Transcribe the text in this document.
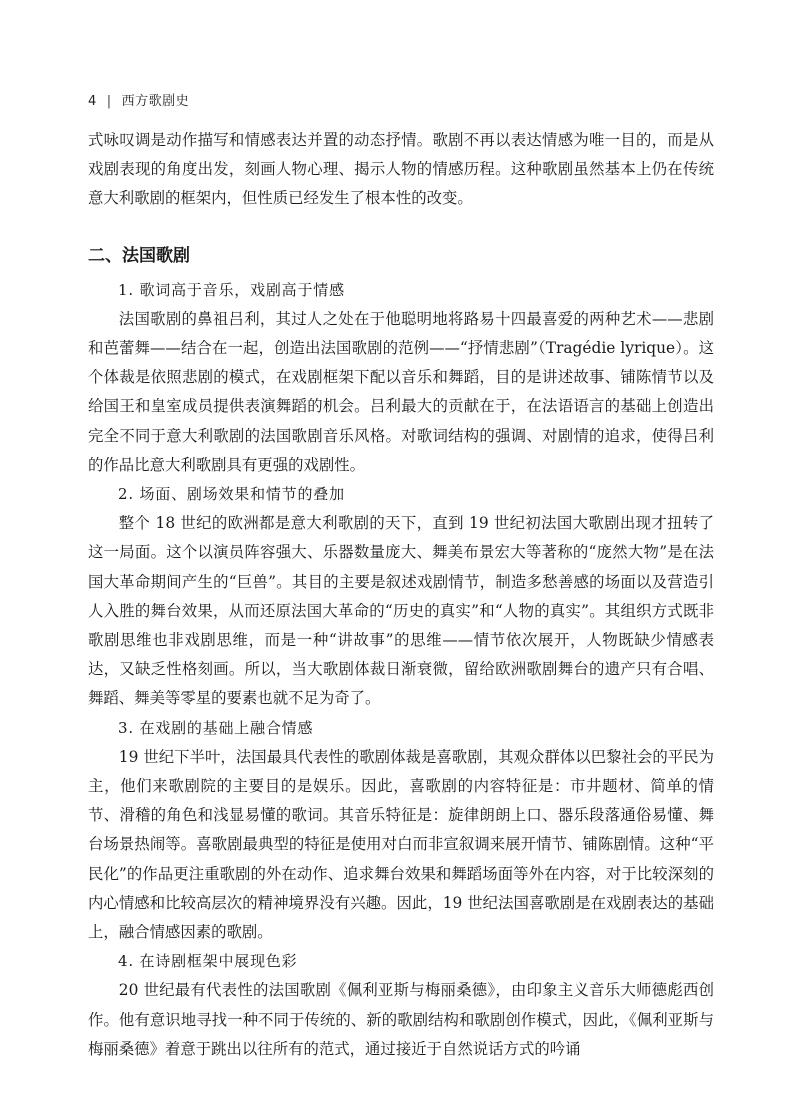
4 | 西方歌剧史

式咏叹调是动作描写和情感表达并置的动态抒情。歌剧不再以表达情感为唯一目的，而是从戏剧表现的角度出发，刻画人物心理、揭示人物的情感历程。这种歌剧虽然基本上仍在传统意大利歌剧的框架内，但性质已经发生了根本性的改变。

二、法国歌剧

1. 歌词高于音乐，戏剧高于情感

法国歌剧的鼻祖吕利，其过人之处在于他聪明地将路易十四最喜爱的两种艺术——悲剧和芭蕾舞——结合在一起，创造出法国歌剧的范例——“抒情悲剧”（Tragédie lyrique）。这个体裁是依照悲剧的模式，在戏剧框架下配以音乐和舞蹈，目的是讲述故事、铺陈情节以及给国王和皇室成员提供表演舞蹈的机会。吕利最大的贡献在于，在法语语言的基础上创造出完全不同于意大利歌剧的法国歌剧音乐风格。对歌词结构的强调、对剧情的追求，使得吕利的作品比意大利歌剧具有更强的戏剧性。

2. 场面、剧场效果和情节的叠加

整个 18 世纪的欧洲都是意大利歌剧的天下，直到 19 世纪初法国大歌剧出现才扭转了这一局面。这个以演员阵容强大、乐器数量庞大、舞美布景宏大等著称的“庞然大物”是在法国大革命期间产生的“巨兽”。其目的主要是叙述戏剧情节，制造多愁善感的场面以及营造引人入胜的舞台效果，从而还原法国大革命的“历史的真实”和“人物的真实”。其组织方式既非歌剧思维也非戏剧思维，而是一种“讲故事”的思维——情节依次展开，人物既缺少情感表达，又缺乏性格刻画。所以，当大歌剧体裁日渐衰微，留给欧洲歌剧舞台的遗产只有合唱、舞蹈、舞美等零星的要素也就不足为奇了。

3. 在戏剧的基础上融合情感

19 世纪下半叶，法国最具代表性的歌剧体裁是喜歌剧，其观众群体以巴黎社会的平民为主，他们来歌剧院的主要目的是娱乐。因此，喜歌剧的内容特征是：市井题材、简单的情节、滑稽的角色和浅显易懂的歌词。其音乐特征是：旋律朗朗上口、器乐段落通俗易懂、舞台场景热闹等。喜歌剧最典型的特征是使用对白而非宣叙调来展开情节、铺陈剧情。这种“平民化”的作品更注重歌剧的外在动作、追求舞台效果和舞蹈场面等外在内容，对于比较深刻的内心情感和比较高层次的精神境界没有兴趣。因此，19 世纪法国喜歌剧是在戏剧表达的基础上，融合情感因素的歌剧。

4. 在诗剧框架中展现色彩

20 世纪最有代表性的法国歌剧《佩利亚斯与梅丽桑德》，由印象主义音乐大师德彪西创作。他有意识地寻找一种不同于传统的、新的歌剧结构和歌剧创作模式，因此，《佩利亚斯与梅丽桑德》着意于跳出以往所有的范式，通过接近于自然说话方式的吟诵
